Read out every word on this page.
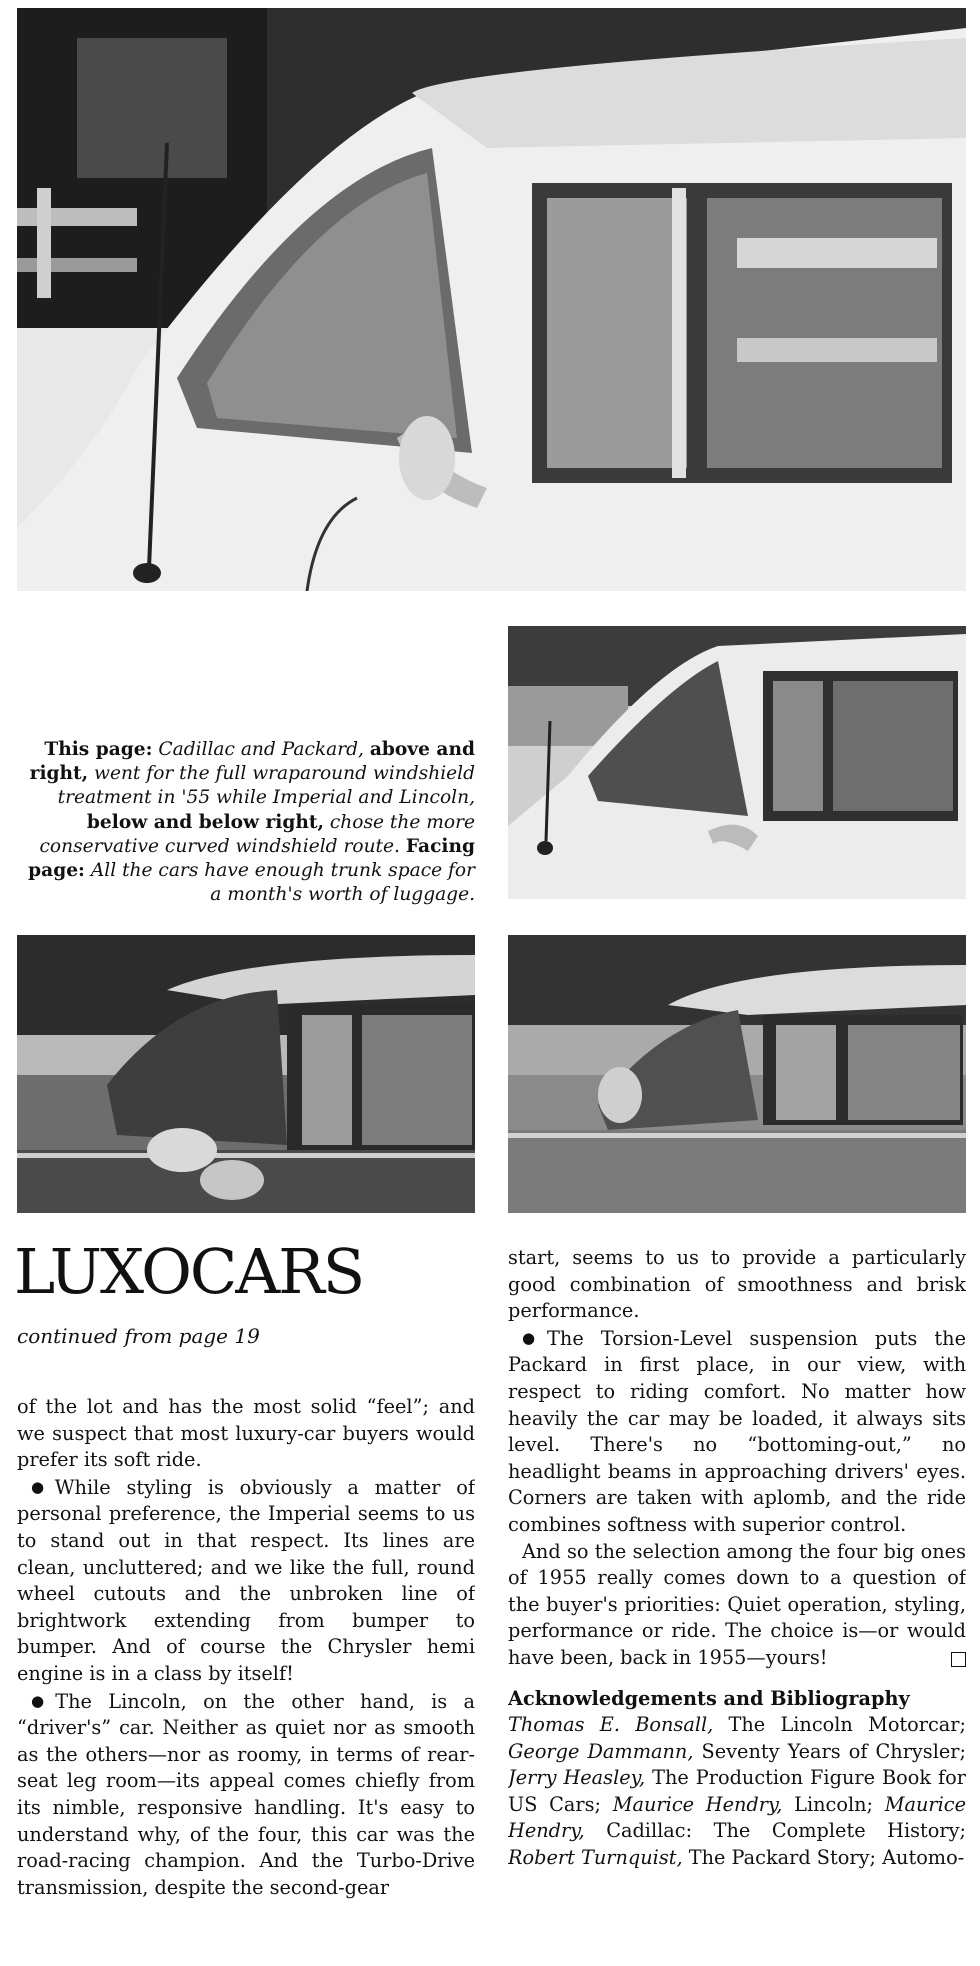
This page: Cadillac and Packard, above and right, went for the full wraparound windshield treatment in '55 while Imperial and Lincoln, below and below right, chose the more conservative curved windshield route. Facing page: All the cars have enough trunk space for a month's worth of luggage.
LUXOCARS
continued from page 19

of the lot and has the most solid “feel”; and we suspect that most luxury-car buyers would prefer its soft ride.

●While styling is obviously a matter of personal preference, the Imperial seems to us to stand out in that respect. Its lines are clean, uncluttered; and we like the full, round wheel cutouts and the unbroken line of brightwork extending from bumper to bumper. And of course the Chrysler hemi engine is in a class by itself!

●The Lincoln, on the other hand, is a “driver's” car. Neither as quiet nor as smooth as the others—nor as roomy, in terms of rear-seat leg room—its appeal comes chiefly from its nimble, responsive handling. It's easy to understand why, of the four, this car was the road-racing champion. And the Turbo-Drive transmission, despite the second-gear

start, seems to us to provide a particularly good combination of smoothness and brisk performance.

●The Torsion-Level suspension puts the Packard in first place, in our view, with respect to riding comfort. No matter how heavily the car may be loaded, it always sits level. There's no “bottoming-out,” no headlight beams in approaching drivers' eyes. Corners are taken with aplomb, and the ride combines softness with superior control.

And so the selection among the four big ones of 1955 really comes down to a question of the buyer's priorities: Quiet operation, styling, performance or ride. The choice is—or would have been, back in 1955—yours!

Acknowledgements and Bibliography

Thomas E. Bonsall, The Lincoln Motorcar; George Dammann, Seventy Years of Chrysler; Jerry Heasley, The Production Figure Book for US Cars; Maurice Hendry, Lincoln; Maurice Hendry, Cadillac: The Complete History; Robert Turnquist, The Packard Story; Automo-
